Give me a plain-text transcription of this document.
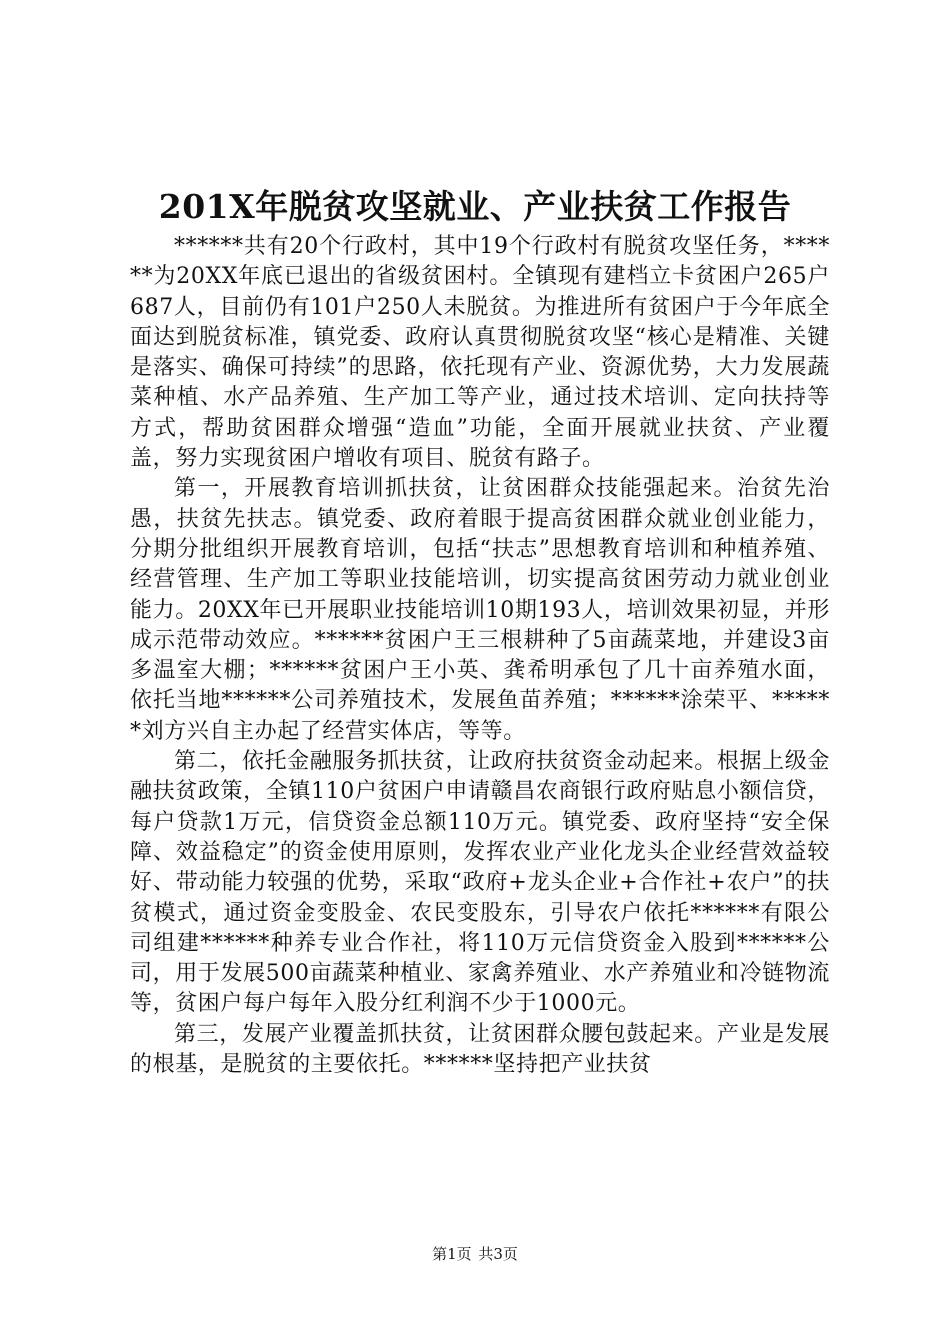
201X年脱贫攻坚就业、产业扶贫工作报告

******共有20个行政村，其中19个行政村有脱贫攻坚任务，******为20XX年底已退出的省级贫困村。全镇现有建档立卡贫困户265户687人，目前仍有101户250人未脱贫。为推进所有贫困户于今年底全面达到脱贫标准，镇党委、政府认真贯彻脱贫攻坚“核心是精准、关键是落实、确保可持续”的思路，依托现有产业、资源优势，大力发展蔬菜种植、水产品养殖、生产加工等产业，通过技术培训、定向扶持等方式，帮助贫困群众增强“造血”功能，全面开展就业扶贫、产业覆盖，努力实现贫困户增收有项目、脱贫有路子。

第一，开展教育培训抓扶贫，让贫困群众技能强起来。治贫先治愚，扶贫先扶志。镇党委、政府着眼于提高贫困群众就业创业能力，分期分批组织开展教育培训，包括“扶志”思想教育培训和种植养殖、经营管理、生产加工等职业技能培训，切实提高贫困劳动力就业创业能力。20XX年已开展职业技能培训10期193人，培训效果初显，并形成示范带动效应。******贫困户王三根耕种了5亩蔬菜地，并建设3亩多温室大棚；******贫困户王小英、龚希明承包了几十亩养殖水面，依托当地******公司养殖技术，发展鱼苗养殖；******涂荣平、******刘方兴自主办起了经营实体店，等等。

第二，依托金融服务抓扶贫，让政府扶贫资金动起来。根据上级金融扶贫政策，全镇110户贫困户申请赣昌农商银行政府贴息小额信贷，每户贷款1万元，信贷资金总额110万元。镇党委、政府坚持“安全保障、效益稳定”的资金使用原则，发挥农业产业化龙头企业经营效益较好、带动能力较强的优势，采取“政府+龙头企业+合作社+农户”的扶贫模式，通过资金变股金、农民变股东，引导农户依托******有限公司组建******种养专业合作社，将110万元信贷资金入股到******公司，用于发展500亩蔬菜种植业、家禽养殖业、水产养殖业和冷链物流等，贫困户每户每年入股分红利润不少于1000元。

第三，发展产业覆盖抓扶贫，让贫困群众腰包鼓起来。产业是发展的根基，是脱贫的主要依托。******坚持把产业扶贫

第1页 共3页
